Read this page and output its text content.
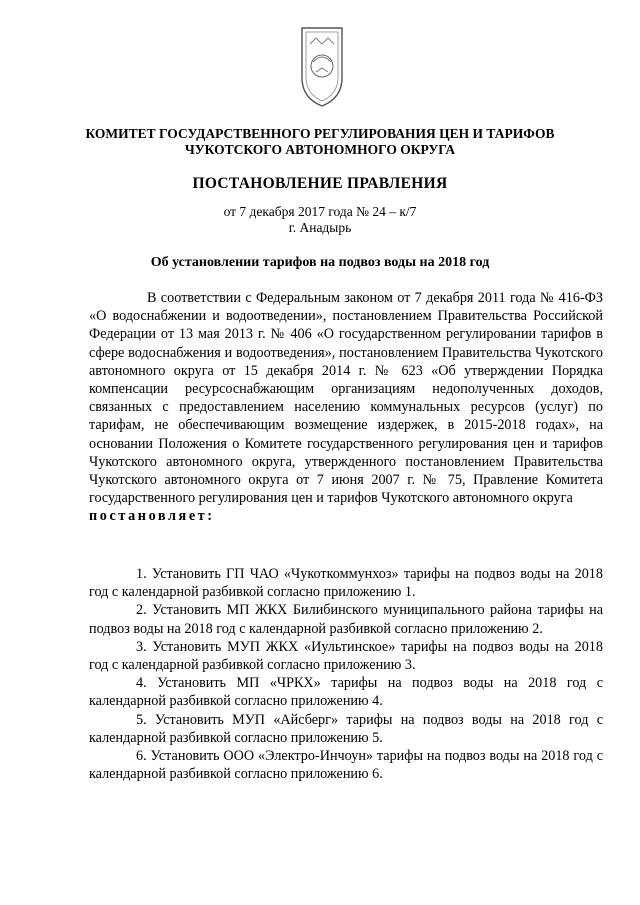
КОМИТЕТ ГОСУДАРСТВЕННОГО РЕГУЛИРОВАНИЯ ЦЕН И ТАРИФОВ
ЧУКОТСКОГО АВТОНОМНОГО ОКРУГА
ПОСТАНОВЛЕНИЕ ПРАВЛЕНИЯ
от 7 декабря 2017 года № 24 – к/7
г. Анадырь
Об установлении тарифов на подвоз воды на 2018 год

В соответствии с Федеральным законом от 7 декабря 2011 года № 416-ФЗ «О водоснабжении и водоотведении», постановлением Правительства Российской Федерации от 13 мая 2013 г. № 406 «О государственном регулировании тарифов в сфере водоснабжения и водоотведения», постановлением Правительства Чукотского автономного округа от 15 декабря 2014 г. № 623 «Об утверждении Порядка компенсации ресурсоснабжающим организациям недополученных доходов, связанных с предоставлением населению коммунальных ресурсов (услуг) по тарифам, не обеспечивающим возмещение издержек, в 2015-2018 годах», на основании Положения о Комитете государственного регулирования цен и тарифов Чукотского автономного округа, утвержденного постановлением Правительства Чукотского автономного округа от 7 июня 2007 г. № 75, Правление Комитета государственного регулирования цен и тарифов Чукотского автономного округа

постановляет:

1. Установить ГП ЧАО «Чукоткоммунхоз» тарифы на подвоз воды на 2018 год с календарной разбивкой согласно приложению 1.

2. Установить МП ЖКХ Билибинского муниципального района тарифы на подвоз воды на 2018 год с календарной разбивкой согласно приложению 2.

3. Установить МУП ЖКХ «Иультинское» тарифы на подвоз воды на 2018 год с календарной разбивкой согласно приложению 3.

4. Установить МП «ЧРКХ» тарифы на подвоз воды на 2018 год с календарной разбивкой согласно приложению 4.

5. Установить МУП «Айсберг» тарифы на подвоз воды на 2018 год с календарной разбивкой согласно приложению 5.

6. Установить ООО «Электро-Инчоун» тарифы на подвоз воды на 2018 год с календарной разбивкой согласно приложению 6.
